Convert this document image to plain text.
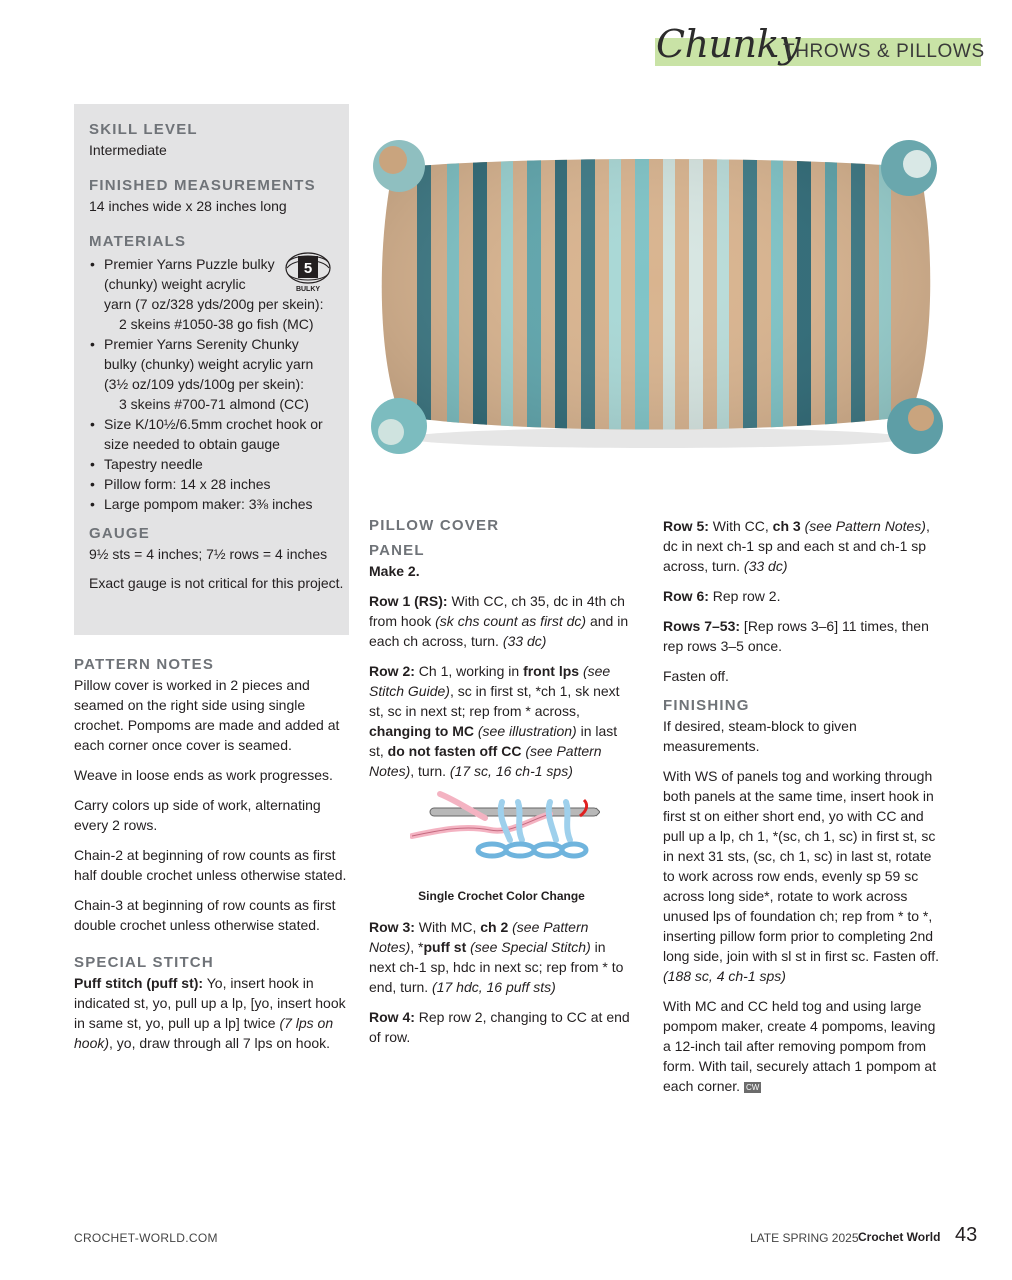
Chunky
THROWS & PILLOWS
SKILL LEVEL
Intermediate
FINISHED MEASUREMENTS
14 inches wide x 28 inches long
MATERIALS
• Premier Yarns Puzzle bulky
(chunky) weight acrylic
yarn (7 oz/328 yds/200g per skein):

2 skeins #1050-38 go fish (MC)
• Premier Yarns Serenity Chunky
bulky (chunky) weight acrylic yarn
(3½ oz/109 yds/100g per skein):

3 skeins #700-71 almond (CC)
• Size K/10½/6.5mm crochet hook or
size needed to obtain gauge
• Tapestry needle
• Pillow form: 14 x 28 inches
• Large pompom maker: 3⅜ inches
GAUGE
9½ sts = 4 inches; 7½ rows = 4 inches
Exact gauge is not critical for this project.
5
BULKY
PATTERN NOTES

Pillow cover is worked in 2 pieces and seamed on the right side using single crochet. Pompoms are made and added at each corner once cover is seamed.

Weave in loose ends as work progresses.

Carry colors up side of work, alternating every 2 rows.

Chain-2 at beginning of row counts as first half double crochet unless otherwise stated.

Chain-3 at beginning of row counts as first double crochet unless otherwise stated.

SPECIAL STITCH

Puff stitch (puff st): Yo, insert hook in indicated st, yo, pull up a lp, [yo, insert hook in same st, yo, pull up a lp] twice (7 lps on hook), yo, draw through all 7 lps on hook.

PILLOW COVER
PANEL

Make 2.

Row 1 (RS): With CC, ch 35, dc in 4th ch from hook (sk chs count as first dc) and in each ch across, turn. (33 dc)

Row 2: Ch 1, working in front lps (see Stitch Guide), sc in first st, *ch 1, sk next st, sc in next st; rep from * across, changing to MC (see illustration) in last st, do not fasten off CC (see Pattern Notes), turn. (17 sc, 16 ch-1 sps)

Single Crochet Color Change

Row 3: With MC, ch 2 (see Pattern Notes), *puff st (see Special Stitch) in next ch-1 sp, hdc in next sc; rep from * to end, turn. (17 hdc, 16 puff sts)

Row 4: Rep row 2, changing to CC at end of row.

Row 5: With CC, ch 3 (see Pattern Notes), dc in next ch-1 sp and each st and ch-1 sp across, turn. (33 dc)

Row 6: Rep row 2.

Rows 7–53: [Rep rows 3–6] 11 times, then rep rows 3–5 once.

Fasten off.

FINISHING

If desired, steam-block to given measurements.

With WS of panels tog and working through both panels at the same time, insert hook in first st on either short end, yo with CC and pull up a lp, ch 1, *(sc, ch 1, sc) in first st, sc in next 31 sts, (sc, ch 1, sc) in last st, rotate to work across row ends, evenly sp 59 sc across long side*, rotate to work across unused lps of foundation ch; rep from * to *, inserting pillow form prior to completing 2nd long side, join with sl st in first sc. Fasten off. (188 sc, 4 ch-1 sps)

With MC and CC held tog and using large pompom maker, create 4 pompoms, leaving a 12-inch tail after removing pompom from form. With tail, securely attach 1 pompom at each corner. CW

CROCHET-WORLD.COM	LATE SPRING 2025 Crochet World 43
